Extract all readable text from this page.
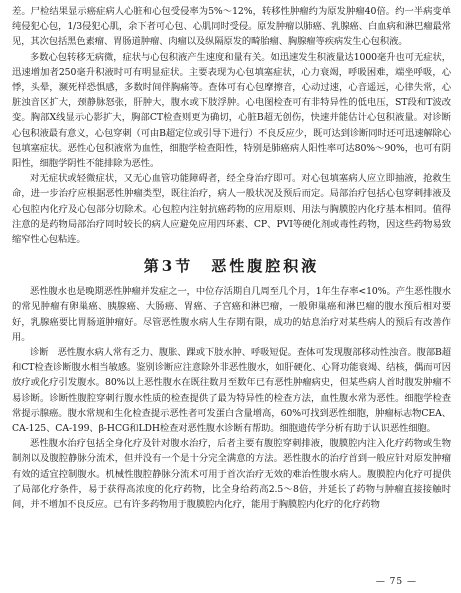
差。尸检结果显示癌症病人心脏和心包受侵率为5%～12%，转移性肿瘤约为原发肿瘤40倍。约一半病变单纯侵犯心包，1/3侵犯心肌，余下者可心包、心肌同时受侵。原发肿瘤以肺癌、乳腺癌、白血病和淋巴瘤最常见，其次包括黑色素瘤、胃肠道肿瘤、肉瘤以及纵隔原发的畸胎瘤、胸腺瘤等疾病发生心包积液。

多数心包转移无病微，症状与心包积液产生速度和量有关。如迅速发生积液量达1000毫升也可无症状，迅速增加者250毫升积液时可有明显症状。主要表现为心包填塞症状，心力衰竭，呼吸困难，端坐呼吸，心悸，头晕，濒死样恐惧感，多数时间伴胸痛等。查体可有心包摩擦音，心动过速，心音遥远，心律失常，心脏浊音区扩大，颈静脉怒张，肝肿大，腹水或下肢浮肿。心电图检查可有非特异性的低电压，ST段和T波改变。胸部X线显示心影扩大，胸部CT检查则更为确切，心脏B超无创伤，快速并能估计心包积液量。对诊断心包积液最有意义，心包穿刺（可由B超定位或引导下进行）不良反应少，既可达到诊断同时还可迅速解除心包填塞症状。恶性心包积液常为血性，细胞学检查阳性，特别是肺癌病人阳性率可达80%～90%，也可有阴阳性，细胞学阴性不能排除为恶性。

对无症状或轻微症状，又无心血管功能障碍者，经全身治疗即可。对心包填塞病人应立即抽液，抢救生命，进一步治疗应根据恶性肿瘤类型，既往治疗，病人一般状况及预后而定。局部治疗包括心包穿刺排液及心包腔内化疗及心包部分切除术。心包腔内注射抗癌药物的应用原则、用法与胸膜腔内化疗基本相同。值得注意的是药物局部治疗同时较长的病人应避免应用四环素、CP、PVI等硬化剂或毒性药物，因这些药物易致缩窄性心包粘连。

第3节　恶性腹腔积液

恶性腹水也是晚期恶性肿瘤并发症之一，中位存活期自几周至几个月，1年生存率<10%。产生恶性腹水的常见肿瘤有卵巢癌、胰腺癌、大肠癌、胃癌、子宫癌和淋巴瘤，一般卵巢癌和淋巴瘤的腹水预后相对要好，乳腺癌要比胃肠道肿瘤好。尽管恶性腹水病人生存期有限，成功的姑息治疗对某些病人的预后有改善作用。

诊断　恶性腹水病人常有乏力、腹胀、踝或下肢水肿、呼吸短促。查体可发现腹部移动性浊音。腹部B超和CT检查诊断腹水相当敏感。鉴别诊断应注意除外非恶性腹水，如肝硬化、心肾功能衰竭、结核，偶而可因放疗或化疗引发腹水。80%以上恶性腹水在既往数月至数年已有恶性肿瘤病史，但某些病人首时腹发肿瘤不易诊断。诊断性腹腔穿刺行腹水性质的检查提供了最为特异性的检查方法，血性腹水常为恶性。细胞学检查常提示腺癌。腹水常规和生化检查提示恶性者可发蛋白含量增高，60%可找到恶性细胞，肿瘤标志物CEA、CA-125、CA-199、β-HCG和LDH检查对恶性腹水诊断有帮助。细胞遗传学分析有助于认识恶性细胞。

恶性腹水治疗包括全身化疗及针对腹水治疗，后者主要有腹腔穿刺排液，腹膜腔内注入化疗药物或生物制剂以及腹腔静脉分流术，但并没有一个是十分完全满意的方法。恶性腹水的治疗首到一般应针对原发肿瘤有效的适宜控制腹水。机械性腹腔静脉分流术可用于首次治疗无效的难治性腹水病人。腹膜腔内化疗可提供了局部化疗条件，易于获得高浓度的化疗药物，比全身给药高2.5～8倍，并延长了药物与肿瘤直接接触时间，并不增加不良反应。已有许多药物用于腹膜腔内化疗，能用于胸膜腔内化疗的化疗药物

— 75 —
